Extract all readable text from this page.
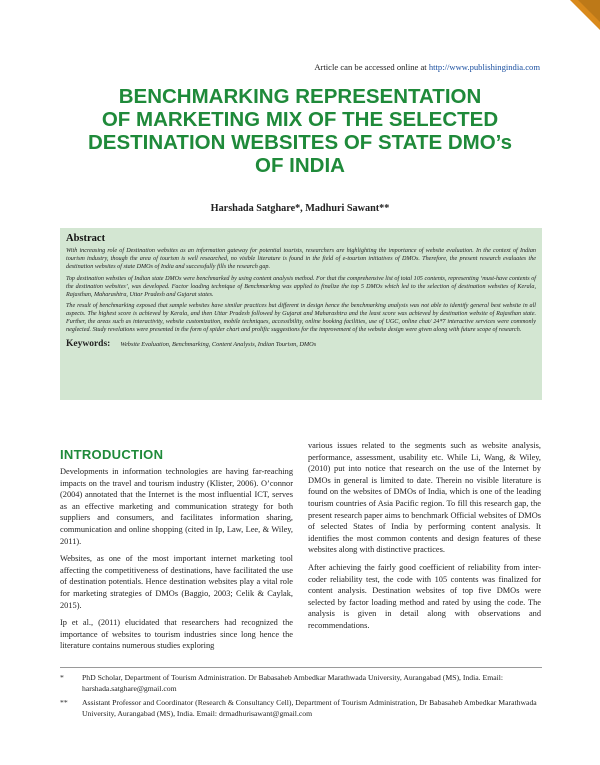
Article can be accessed online at http://www.publishingindia.com
BENCHMARKING REPRESENTATION
OF MARKETING MIX OF THE SELECTED
DESTINATION WEBSITES OF STATE DMO’s
OF INDIA
Harshada Satghare*, Madhuri Sawant**
Abstract

With increasing role of Destination websites as an information gateway for potential tourists, researchers are highlighting the importance of website evaluation. In the context of Indian tourism industry, though the area of tourism is well researched, no visible literature is found in the field of e-tourism initiatives of DMOs. Therefore, the present research evaluates the destination websites of state DMOs of India and successfully fills the research gap.

Top destination websites of Indian state DMOs were benchmarked by using content analysis method. For that the comprehensive list of total 105 contents, representing ‘must-have contents of the destination websites’, was developed. Factor loading technique of Benchmarking was applied to finalize the top 5 DMOs which led to the selection of destination websites of Kerala, Rajasthan, Maharashtra, Uttar Pradesh and Gujarat states.

The result of benchmarking exposed that sample websites have similar practices but different in design hence the benchmarking analysis was not able to identify general best website in all aspects. The highest score is achieved by Kerala, and then Uttar Pradesh followed by Gujarat and Maharashtra and the least score was achieved by destination website of Rajasthan state. Further, the areas such as interactivity, website customization, mobile techniques, accessibility, online booking facilities, use of UGC, online chat/ 24*7 interactive services were commonly neglected. Study revelations were presented in the form of spider chart and prolific suggestions for the improvement of the website design were given along with future scope of research.

Keywords: Website Evaluation, Benchmarking, Content Analysis, Indian Tourism, DMOs
INTRODUCTION

Developments in information technologies are having far-reaching impacts on the travel and tourism industry (Klister, 2006). O’connor (2004) annotated that the Internet is the most influential ICT, serves as an effective marketing and communication strategy for both suppliers and consumers, and facilitates information sharing, communication and online shopping (cited in Ip, Law, Lee, & Wiley, 2011).

Websites, as one of the most important internet marketing tool affecting the competitiveness of destinations, have facilitated the use of destination potentials. Hence destination websites play a vital role for marketing strategies of DMOs (Baggio, 2003; Celik & Caylak, 2015).

Ip et al., (2011) elucidated that researchers had recognized the importance of websites to tourism industries since long hence the literature contains numerous studies exploring

various issues related to the segments such as website analysis, performance, assessment, usability etc. While Li, Wang, & Wiley, (2010) put into notice that research on the use of the Internet by DMOs in general is limited to date. Therein no visible literature is found on the websites of DMOs of India, which is one of the leading tourism countries of Asia Pacific region. To fill this research gap, the present research paper aims to benchmark Official websites of DMOs of selected States of India by performing content analysis. It identifies the most common contents and design features of these websites along with distinctive practices.

After achieving the fairly good coefficient of reliability from inter-coder reliability test, the code with 105 contents was finalized for content analysis. Destination websites of top five DMOs were selected by factor loading method and rated by using the code. The analysis is given in detail along with observations and recommendations.

* PhD Scholar, Department of Tourism Administration. Dr Babasaheb Ambedkar Marathwada University, Aurangabad (MS), India. Email: harshada.satghare@gmail.com
** Assistant Professor and Coordinator (Research & Consultancy Cell), Department of Tourism Administration, Dr Babasaheb Ambedkar Marathwada University, Aurangabad (MS), India. Email: drmadhurisawant@gmail.com
